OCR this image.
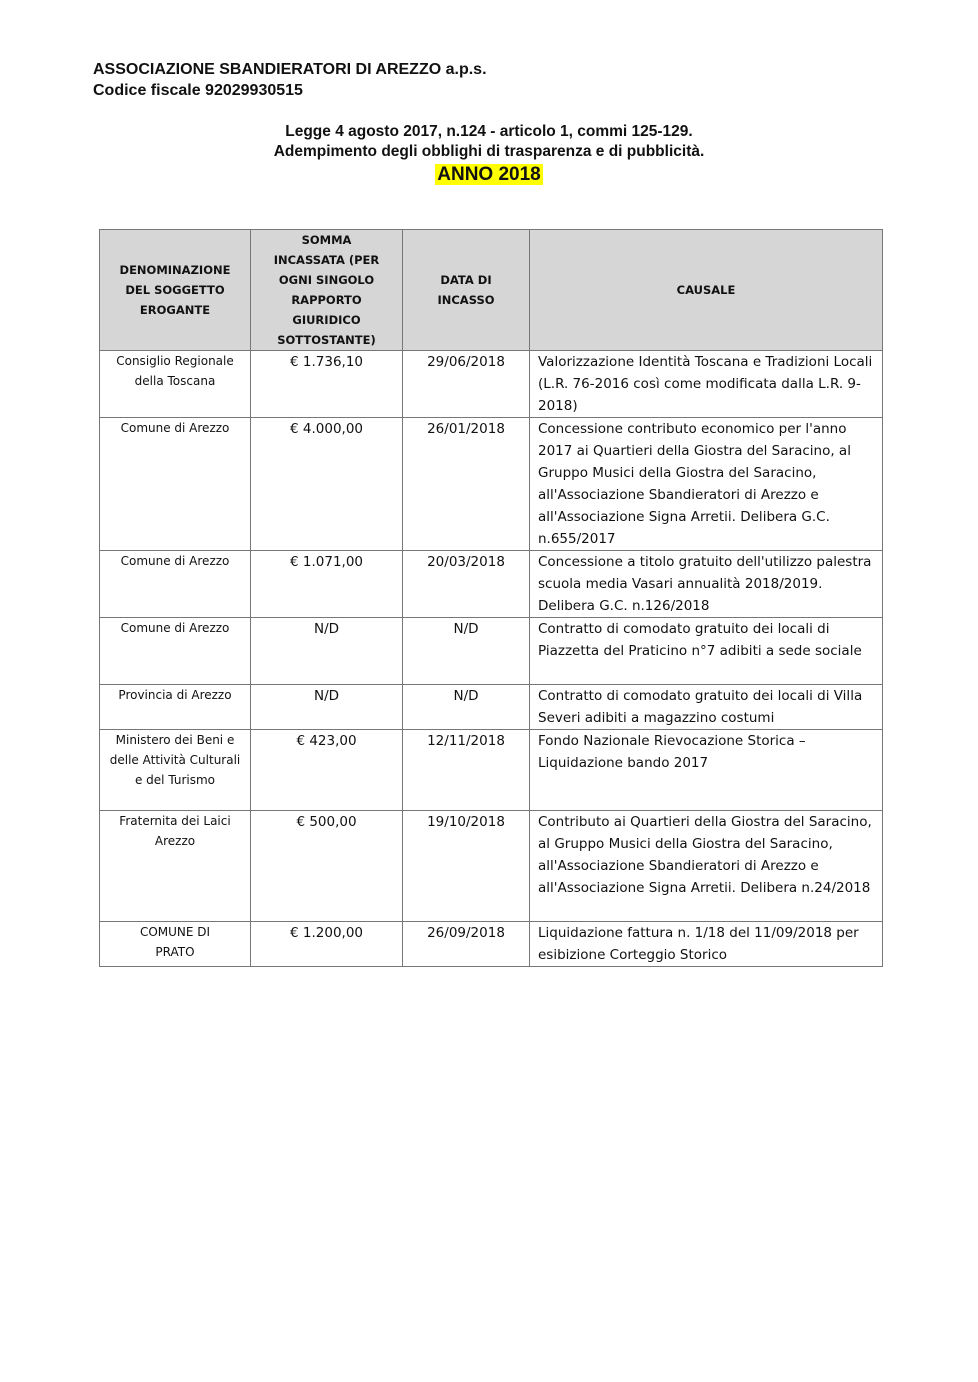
ASSOCIAZIONE SBANDIERATORI DI AREZZO a.p.s.
Codice fiscale 92029930515
Legge 4 agosto 2017, n.124 - articolo 1, commi 125-129.
Adempimento degli obblighi di trasparenza e di pubblicità.
ANNO 2018
DENOMINAZIONE DEL SOGGETTO EROGANTE	SOMMA INCASSATA (PER OGNI SINGOLO RAPPORTO GIURIDICO SOTTOSTANTE)	DATA DI INCASSO	CAUSALE
Consiglio Regionale della Toscana	€ 1.736,10	29/06/2018	Valorizzazione Identità Toscana e Tradizioni Locali (L.R. 76-2016 così come modificata dalla L.R. 9-2018)
Comune di Arezzo	€ 4.000,00	26/01/2018	Concessione contributo economico per l'anno 2017 ai Quartieri della Giostra del Saracino, al Gruppo Musici della Giostra del Saracino, all'Associazione Sbandieratori di Arezzo e all'Associazione Signa Arretii. Delibera G.C. n.655/2017
Comune di Arezzo	€ 1.071,00	20/03/2018	Concessione a titolo gratuito dell'utilizzo palestra scuola media Vasari annualità 2018/2019. Delibera G.C. n.126/2018
Comune di Arezzo	N/D	N/D	Contratto di comodato gratuito dei locali di Piazzetta del Praticino n°7 adibiti a sede sociale
Provincia di Arezzo	N/D	N/D	Contratto di comodato gratuito dei locali di Villa Severi adibiti a magazzino costumi
Ministero dei Beni e delle Attività Culturali e del Turismo	€ 423,00	12/11/2018	Fondo Nazionale Rievocazione Storica – Liquidazione bando 2017
Fraternita dei Laici Arezzo	€ 500,00	19/10/2018	Contributo ai Quartieri della Giostra del Saracino, al Gruppo Musici della Giostra del Saracino, all'Associazione Sbandieratori di Arezzo e all'Associazione Signa Arretii. Delibera n.24/2018
COMUNE DI PRATO	€ 1.200,00	26/09/2018	Liquidazione fattura n. 1/18 del 11/09/2018 per esibizione Corteggio Storico
